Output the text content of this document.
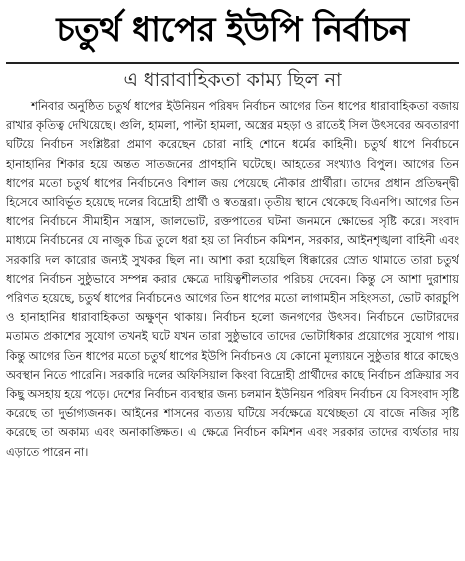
চতুর্থ ধাপের ইউপি নির্বাচন
এ ধারাবাহিকতা কাম্য ছিল না

শনিবার অনুষ্ঠিত চতুর্থ ধাপের ইউনিয়ন পরিষদ নির্বাচন আগের তিন ধাপের ধারাবাহিকতা বজায় রাখার কৃতিত্ব দেখিয়েছে। গুলি, হামলা, পাল্টা হামলা, অস্ত্রের মহড়া ও রাতেই সিল উৎসবের অবতারণা ঘটিয়ে নির্বাচন সংশ্লিষ্টরা প্রমাণ করেছেন চোরা নাহি শোনে ধর্মের কাহিনী। চতুর্থ ধাপে নির্বাচনে হানাহানির শিকার হয়ে অন্তত সাতজনের প্রাণহানি ঘটেছে। আহতের সংখ্যাও বিপুল। আগের তিন ধাপের মতো চতুর্থ ধাপের নির্বাচনেও বিশাল জয় পেয়েছে নৌকার প্রার্থীরা। তাদের প্রধান প্রতিদ্বন্দ্বী হিসেবে আবির্ভূত হয়েছে দলের বিদ্রোহী প্রার্থী ও স্বতন্ত্ররা। তৃতীয় স্থানে থেকেছে বিএনপি। আগের তিন ধাপের নির্বাচনে সীমাহীন সন্ত্রাস, জালভোট, রক্তপাতের ঘটনা জনমনে ক্ষোভের সৃষ্টি করে। সংবাদ মাধ্যমে নির্বাচনের যে নাজুক চিত্র তুলে ধরা হয় তা নির্বাচন কমিশন, সরকার, আইনশৃঙ্খলা বাহিনী এবং সরকারি দল কারোর জন্যই সুখকর ছিল না। আশা করা হয়েছিল ধিক্কারের স্রোত থামাতে তারা চতুর্থ ধাপের নির্বাচন সুষ্ঠুভাবে সম্পন্ন করার ক্ষেত্রে দায়িত্বশীলতার পরিচয় দেবেন। কিন্তু সে আশা দুরাশায় পরিণত হয়েছে, চতুর্থ ধাপের নির্বাচনেও আগের তিন ধাপের মতো লাগামহীন সহিংসতা, ভোট কারচুপি ও হানাহানির ধারাবাহিকতা অক্ষুণ্ন থাকায়। নির্বাচন হলো জনগণের উৎসব। নির্বাচনে ভোটারদের মতামত প্রকাশের সুযোগ তখনই ঘটে যখন তারা সুষ্ঠুভাবে তাদের ভোটাধিকার প্রয়োগের সুযোগ পায়। কিন্তু আগের তিন ধাপের মতো চতুর্থ ধাপের ইউপি নির্বাচনও যে কোনো মূল্যায়নে সুষ্ঠুতার ধারে কাছেও অবস্থান নিতে পারেনি। সরকারি দলের অফিসিয়াল কিংবা বিদ্রোহী প্রার্থীদের কাছে নির্বাচন প্রক্রিয়ার সব কিছু অসহায় হয়ে পড়ে। দেশের নির্বাচন ব্যবস্থার জন্য চলমান ইউনিয়ন পরিষদ নির্বাচন যে বিসংবাদ সৃষ্টি করেছে তা দুর্ভাগ্যজনক। আইনের শাসনের ব্যত্যয় ঘটিয়ে সর্বক্ষেত্রে যথেচ্ছতা যে বাজে নজির সৃষ্টি করেছে তা অকাম্য এবং অনাকাঙ্ক্ষিত। এ ক্ষেত্রে নির্বাচন কমিশন এবং সরকার তাদের ব্যর্থতার দায় এড়াতে পারেন না।
